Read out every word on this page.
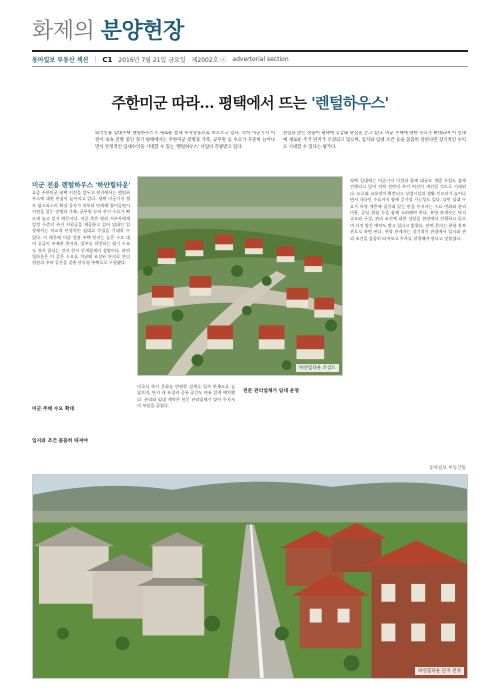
화제의 분양현장
동아일보 부동산 섹션 | C1 2016년 7월 21일 금요일 제2002호 ⓢ advertorial section
주한미군 따라… 평택에서 뜨는 '렌털하우스'
외국인용 임대주택 렌털하우스가 새로운 틈새 투자상품으로 떠오르고 있다. 특히 미군기지 이전이 속속 진행 중인 경기 평택에서는 주한미군 장병과 가족, 군무원 등 수요가 꾸준히 늘어나면서 안정적인 임대수익을 기대할 수 있는 '렌털하우스' 사업이 각광받고 있다.
관심을 받는 상품이 평택에 공급돼 관심을 끌고 있다. 미군 주택에 대한 수요가 확대되며 이 일대에 새로운 주거 단지가 조성되고 있으며, 입지와 임대 조건 등을 꼼꼼히 살핀다면 장기적인 수익도 기대할 수 있다는 평가다.
미군 전용 렌털하우스 '하얀힐타운'
요즘 주한미군 평택 이전을 앞두고 현지에서는 렌털하우스에 대한 관심이 높아지고 있다. 평택 미군기지 캠프 험프리스의 확장 공사가 마무리 단계에 접어들면서 이전을 앞둔 장병과 가족, 군무원 등의 주거 수요가 빠르게 늘고 있기 때문이다. 미군 측은 영외 거주자에게 일정 수준의 주거 지원금을 제공하고 있어 임대인 입장에서는 비교적 안정적인 임대료 수입을 기대할 수 있다. 이 때문에 미군 전용 주택 단지는 높은 수요 대비 공급이 부족한 편이며, 입주를 희망하는 대기 수요도 적지 않다는 것이 현지 중개업계의 설명이다. 하얀힐타운은 이 같은 수요를 겨냥해 조성된 단지로 잔디 정원과 주차 공간을 갖춘 단독형 주택으로 구성됐다.
미국식 주거 문화를 반영한 설계로 입주 만족도를 높였으며, 단지 내 조경과 공용 공간도 여유 있게 배치했다. 관리와 임대 계약은 전문 관리업체가 맡아 투자자의 부담을 줄였다.
평택 일대에는 미군기지 이전과 함께 대규모 개발 사업도 함께 진행되고 있어 지역 전반의 주거 여건이 개선될 것으로 기대된다. 도로와 교통망이 확충되고 상업시설과 생활 인프라가 늘어나면서 내국인 수요까지 함께 증가할 가능성도 있다. 다만 임대 수요가 특정 계층에 집중돼 있는 만큼 투자자는 수요 변화와 관리 비용, 공실 위험 등을 함께 고려해야 한다. 분양 관계자는 단지 규모와 구성, 관리 조건에 대한 상담을 현장에서 진행하고 있으며 사전 방문 예약도 받고 있다고 밝혔다. 관련 문의는 분양 홍보관으로 하면 된다. 현장 관계자는 장기적인 관점에서 입지와 관리 조건을 꼼꼼히 따져보고 투자를 결정해야 한다고 덧붙였다.
미군 주택 수요 확대
전문 관리업체가 임대 운영
입지와 조건 꼼꼼히 따져야
동아일보 부동산팀
하얀힐타운 조감도
하얀힐타운 단지 전경
